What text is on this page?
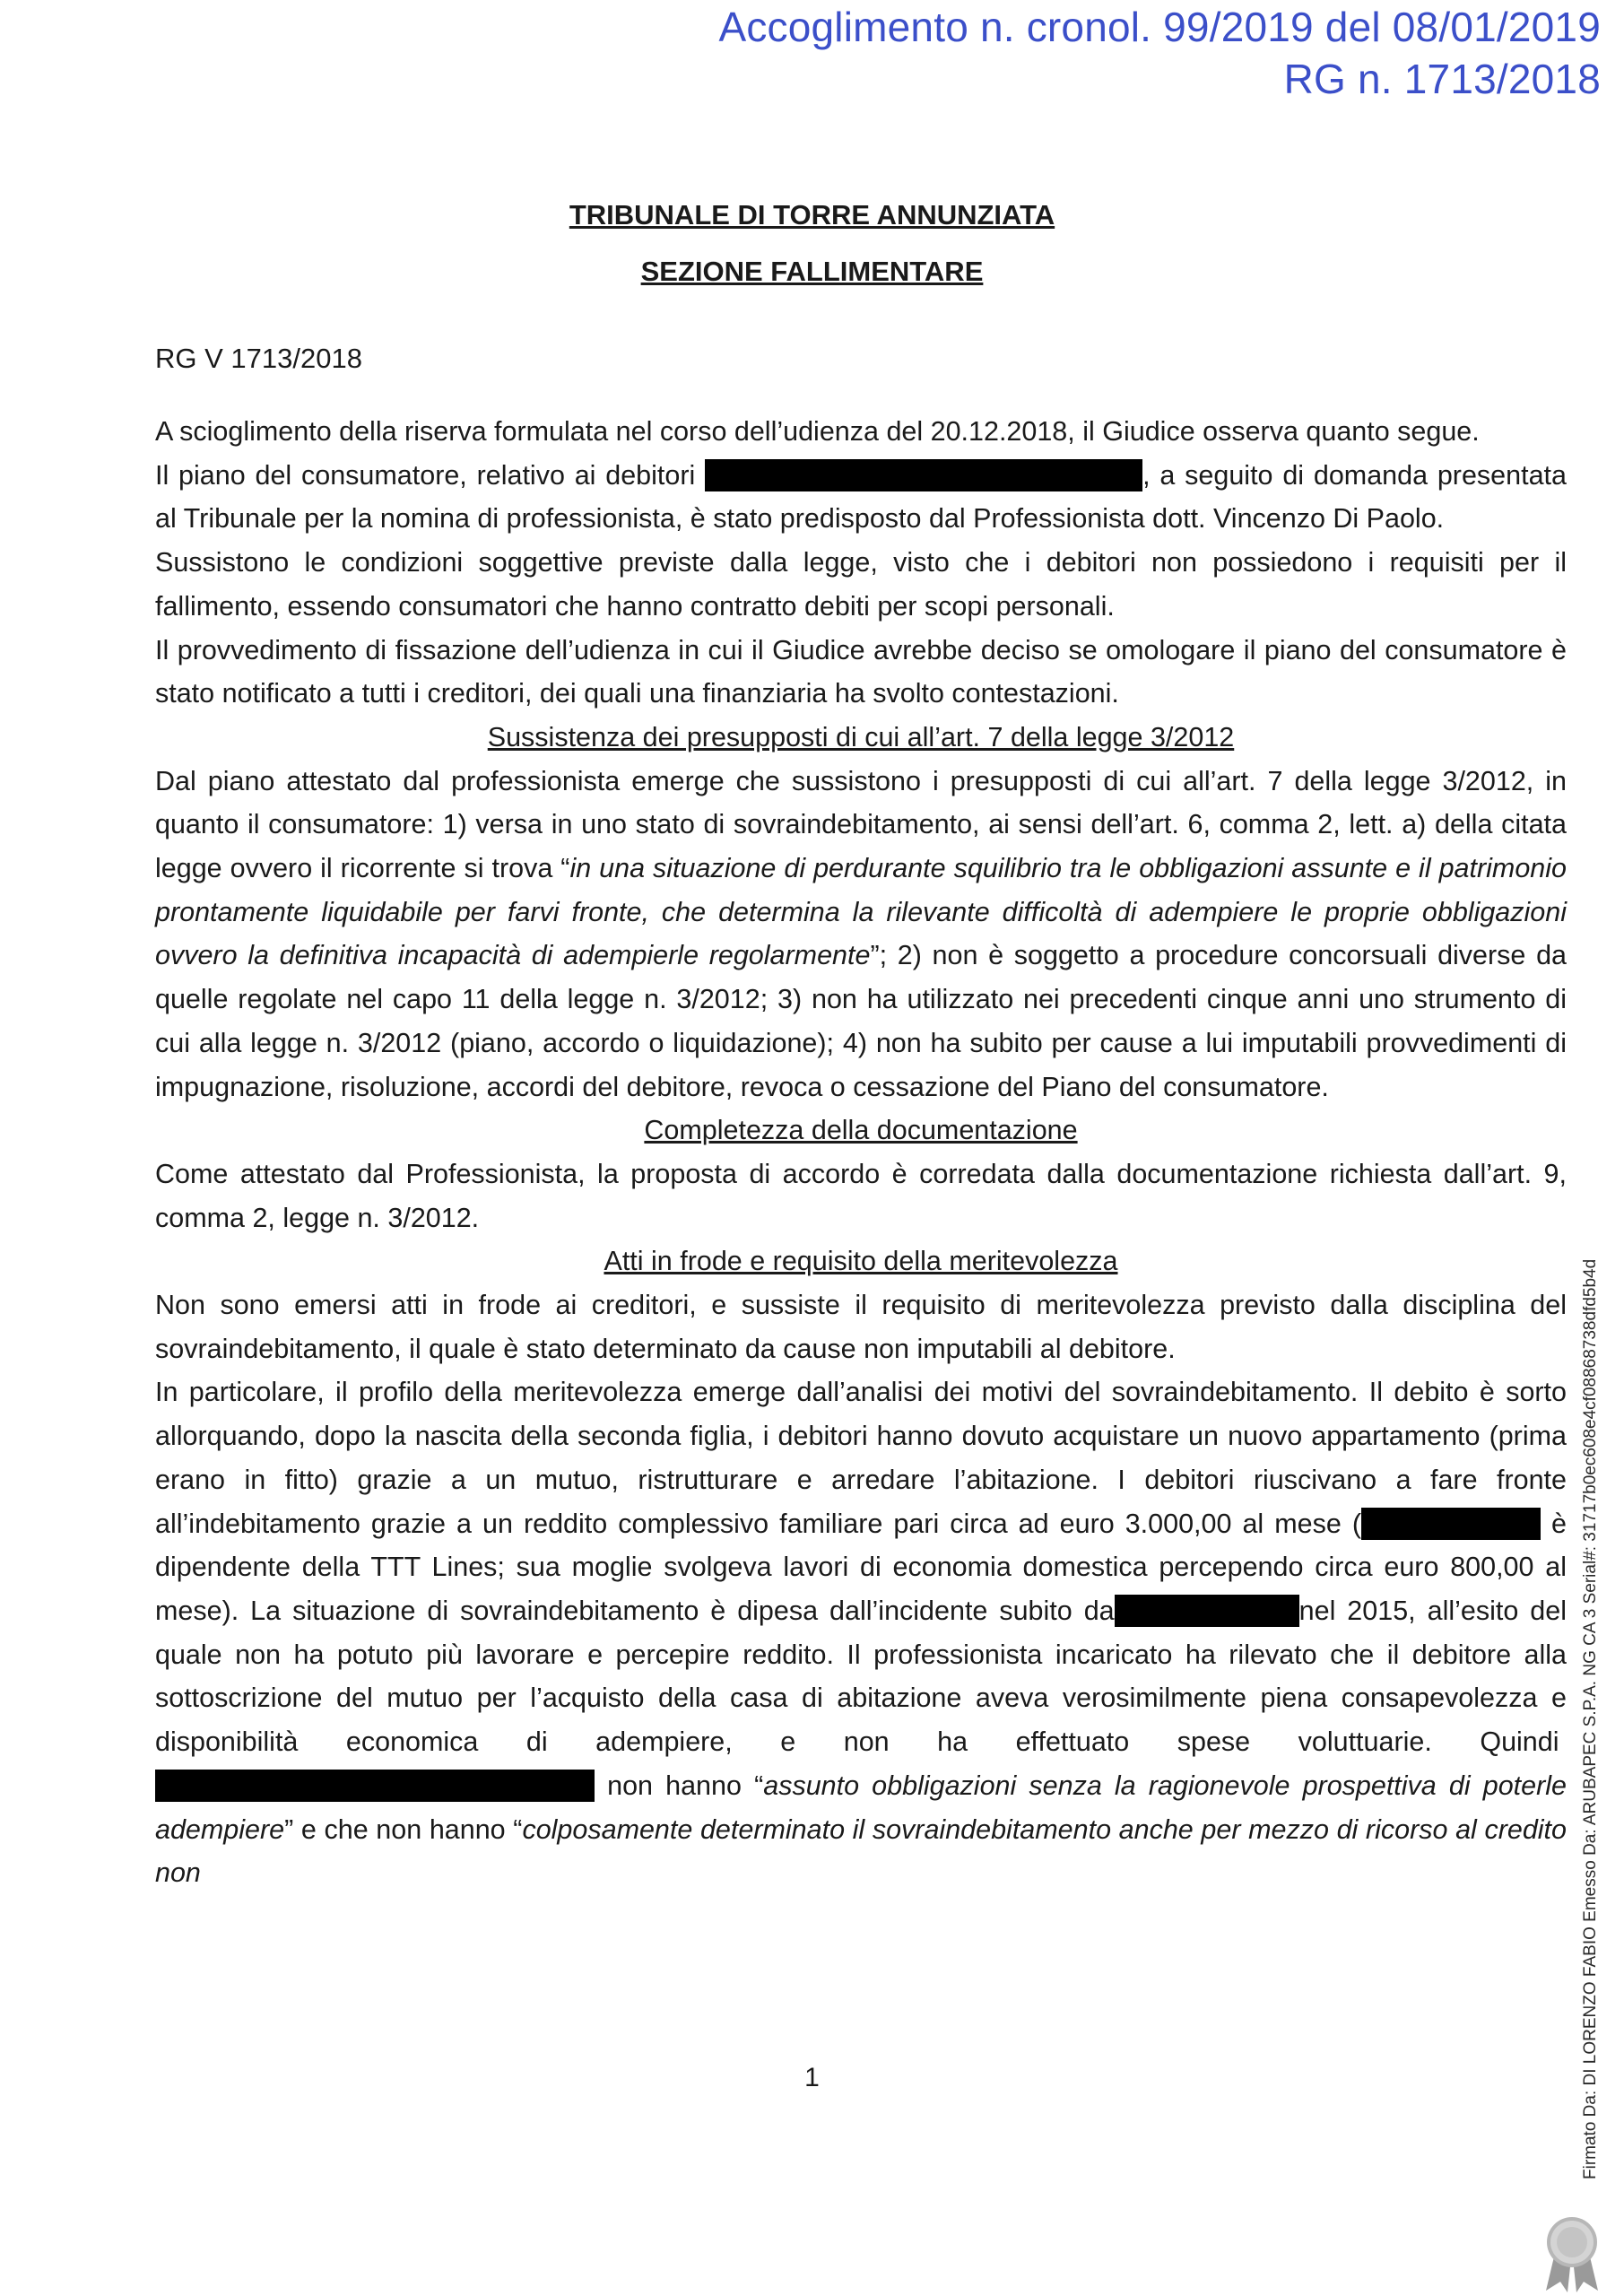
Accoglimento n. cronol. 99/2019 del 08/01/2019
RG n. 1713/2018
TRIBUNALE DI TORRE ANNUNZIATA
SEZIONE FALLIMENTARE
RG V 1713/2018

A scioglimento della riserva formulata nel corso dell’udienza del 20.12.2018, il Giudice osserva quanto segue.

Il piano del consumatore, relativo ai debitori	, a seguito di domanda presentata al Tribunale per la nomina di professionista, è stato predisposto dal Professionista dott. Vincenzo Di Paolo.

Sussistono le condizioni soggettive previste dalla legge, visto che i debitori non possiedono i requisiti per il fallimento, essendo consumatori che hanno contratto debiti per scopi personali.

Il provvedimento di fissazione dell’udienza in cui il Giudice avrebbe deciso se omologare il piano del consumatore è stato notificato a tutti i creditori, dei quali una finanziaria ha svolto contestazioni.

Sussistenza dei presupposti di cui all’art. 7 della legge 3/2012

Dal piano attestato dal professionista emerge che sussistono i presupposti di cui all’art. 7 della legge 3/2012, in quanto il consumatore: 1) versa in uno stato di sovraindebitamento, ai sensi dell’art. 6, comma 2, lett. a) della citata legge ovvero il ricorrente si trova “in una situazione di perdurante squilibrio tra le obbligazioni assunte e il patrimonio prontamente liquidabile per farvi fronte, che determina la rilevante difficoltà di adempiere le proprie obbligazioni ovvero la definitiva incapacità di adempierle regolarmente”; 2) non è soggetto a procedure concorsuali diverse da quelle regolate nel capo 11 della legge n. 3/2012; 3) non ha utilizzato nei precedenti cinque anni uno strumento di cui alla legge n. 3/2012 (piano, accordo o liquidazione); 4) non ha subito per cause a lui imputabili provvedimenti di impugnazione, risoluzione, accordi del debitore, revoca o cessazione del Piano del consumatore.

Completezza della documentazione

Come attestato dal Professionista, la proposta di accordo è corredata dalla documentazione richiesta dall’art. 9, comma 2, legge n. 3/2012.

Atti in frode e requisito della meritevolezza

Non sono emersi atti in frode ai creditori, e sussiste il requisito di meritevolezza previsto dalla disciplina del sovraindebitamento, il quale è stato determinato da cause non imputabili al debitore.

In particolare, il profilo della meritevolezza emerge dall’analisi dei motivi del sovraindebitamento. Il debito è sorto allorquando, dopo la nascita della seconda figlia, i debitori hanno dovuto acquistare un nuovo appartamento (prima erano in fitto) grazie a un mutuo, ristrutturare e arredare l’abitazione. I debitori riuscivano a fare fronte all’indebitamento grazie a un reddito complessivo familiare pari circa ad euro 3.000,00 al mese (	è dipendente della TTT Lines; sua moglie svolgeva lavori di economia domestica percependo circa euro 800,00 al mese). La situazione di sovraindebitamento è dipesa dall’incidente subito da	nel 2015, all’esito del quale non ha potuto più lavorare e percepire reddito. Il professionista incaricato ha rilevato che il debitore alla sottoscrizione del mutuo per l’acquisto della casa di abitazione aveva verosimilmente piena consapevolezza e disponibilità economica di adempiere, e non ha effettuato spese voluttuarie. Quindi  non hanno “assunto obbligazioni senza la ragionevole prospettiva di poterle adempiere” e che non hanno “colposamente determinato il sovraindebitamento anche per mezzo di ricorso al credito non

1	Firmato Da: DI LORENZO FABIO Emesso Da: ARUBAPEC S.P.A. NG CA 3 Serial#: 31717b0ec608e4cf08868738dfd5b4d
